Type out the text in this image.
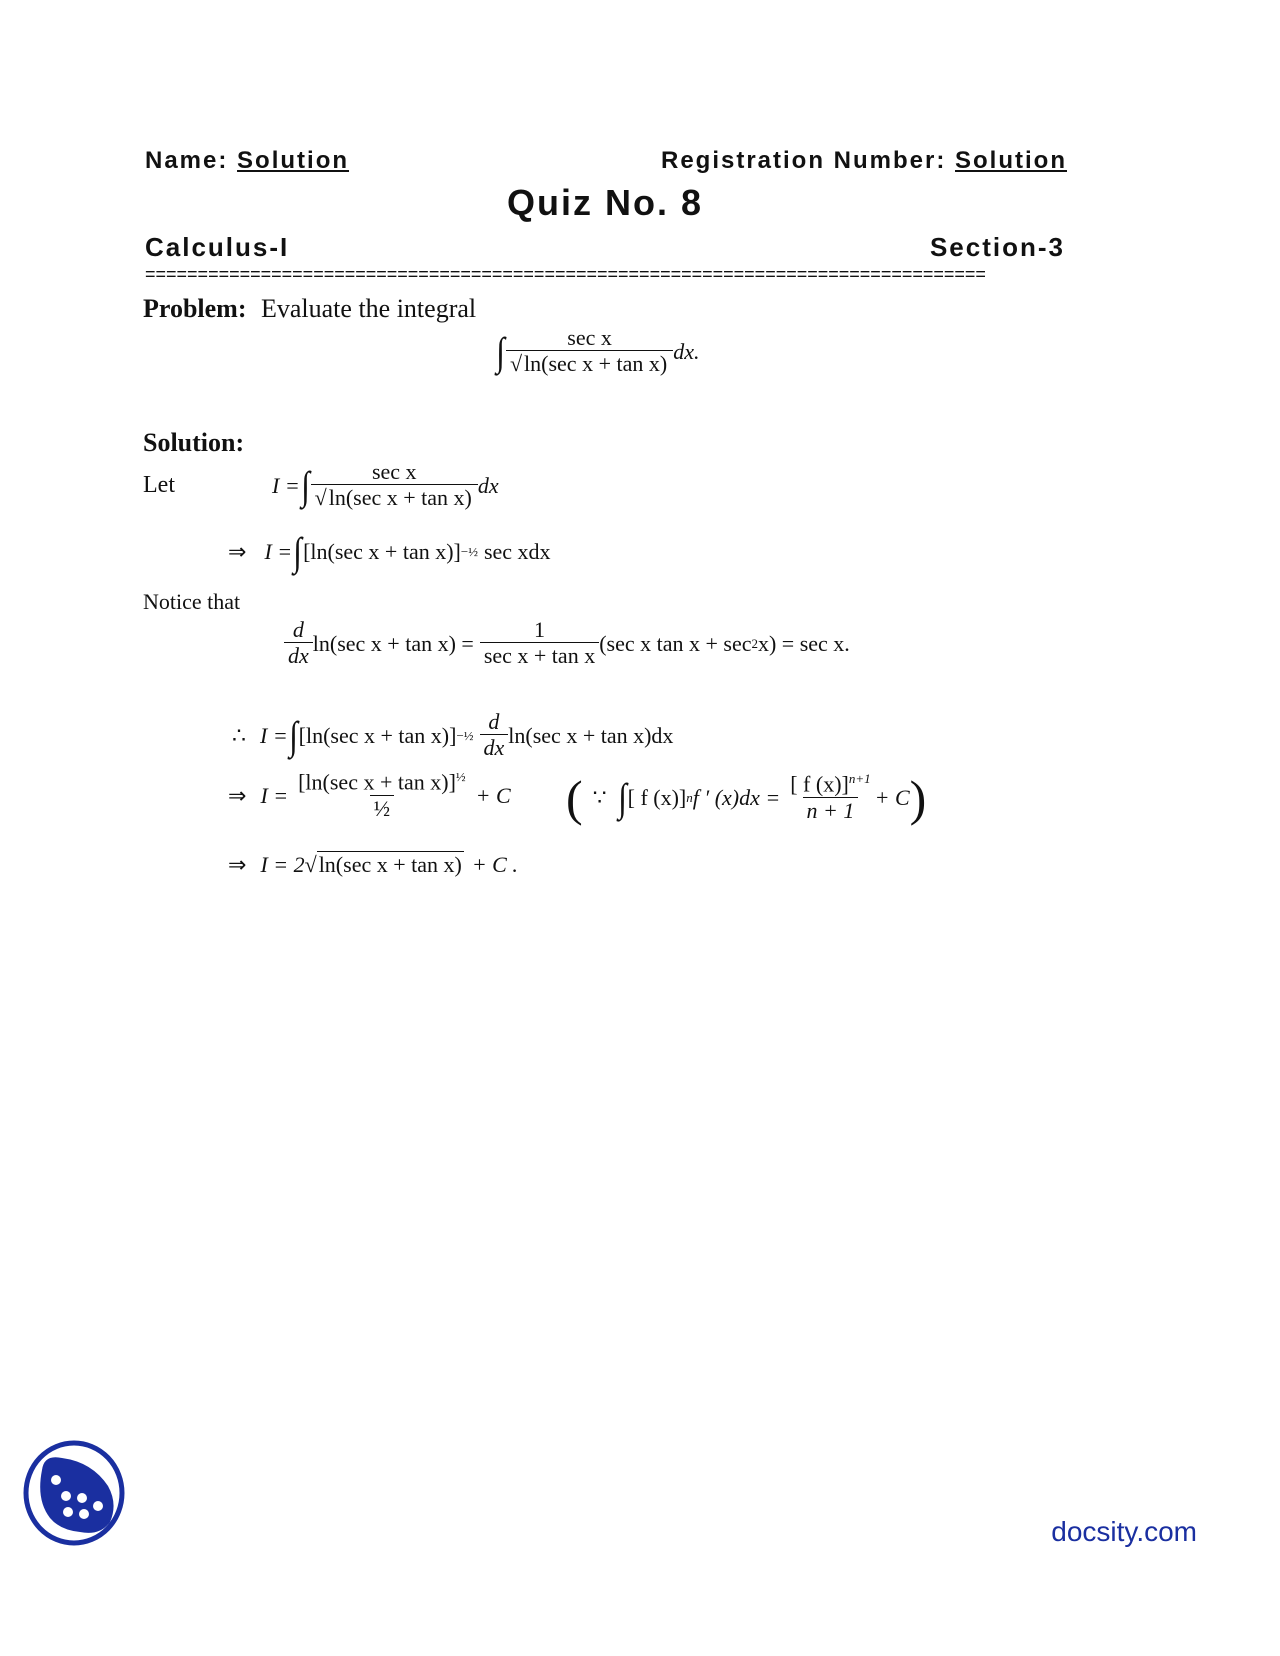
Name: Solution	Registration Number: Solution
Quiz No. 8
Calculus-I	Section-3
================================================================================
Problem: Evaluate the integral
∫ $\frac{\text{sec x}}{\text{√ln(sec x + tan x)}}$ dx.
Solution:
Let	I = ∫ $\frac{\text{sec x}}{\text{√ln(sec x + tan x)}}$ dx
⇒ I = ∫ [ln(sec x + tan x)] −½ sec xdx
Notice that
$\frac{d}{dx} \ln(\sec$ $x + \tan x) = \frac{1}{\text{sec x + tan x}} (\sec$ x tan x + sec 2 x) = sec x.
∴ I = ∫ [ln(sec x + tan x)] −½ $\frac{d}{dx} \ln(\sec$ x + tan x)dx
⇒ $I = \frac{[\ln(\sec x + \tan x)]^{\frac{1}{2}}}{\text{½}} + C$ ( ∵ ∫ [ f (x)] n f ′ $(x)dx = \frac{[ f (x)]^{n+1}}{n + 1} + C$ )
⇒ I = 2 √ln(sec x + tan x) + C .
docsity.com
